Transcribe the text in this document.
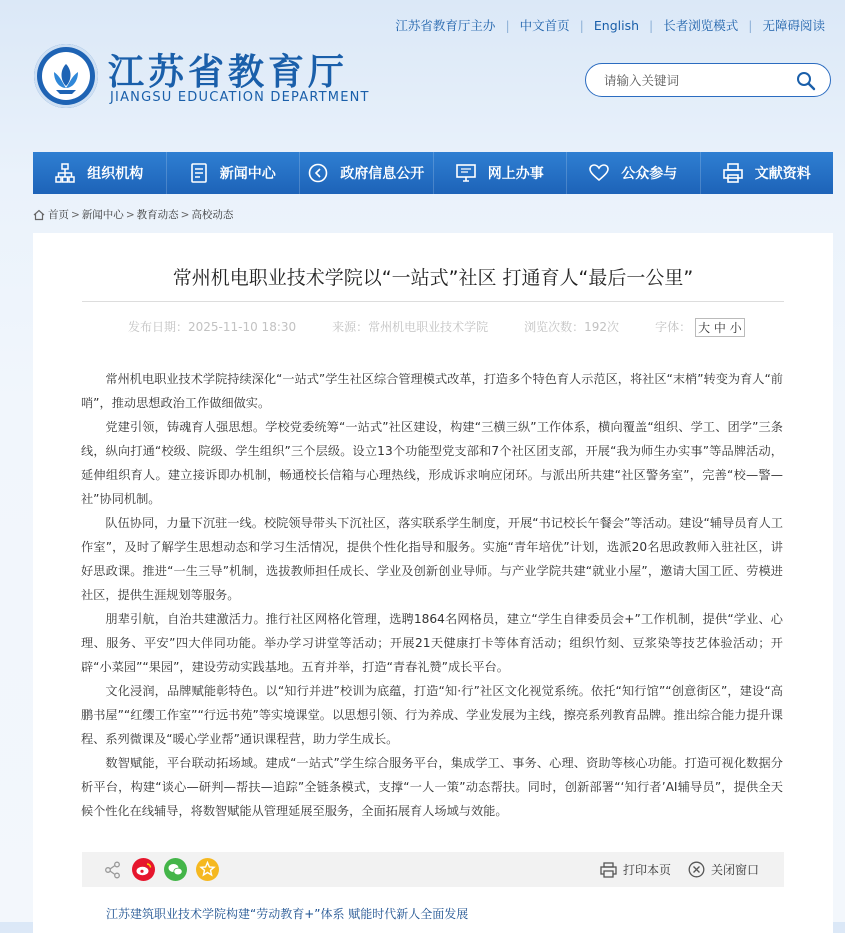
江苏省教育厅主办 | 中文首页 | English | 长者浏览模式 | 无障碍阅读
江苏省教育厅
JIANGSU EDUCATION DEPARTMENT
请输入关键词
组织机构	新闻中心	政府信息公开	网上办事	公众参与	文献资料
首页 > 新闻中心 > 教育动态 > 高校动态
常州机电职业技术学院以“一站式”社区 打通育人“最后一公里”
发布日期：2025-11-10 18:30	来源：常州机电职业技术学院	浏览次数：192次	字体： 大 中 小

常州机电职业技术学院持续深化“一站式”学生社区综合管理模式改革，打造多个特色育人示范区，将社区“末梢”转变为育人“前哨”，推动思想政治工作做细做实。

党建引领，铸魂育人强思想。学校党委统筹“一站式”社区建设，构建“三横三纵”工作体系，横向覆盖“组织、学工、团学”三条线，纵向打通“校级、院级、学生组织”三个层级。设立13个功能型党支部和7个社区团支部，开展“我为师生办实事”等品牌活动，延伸组织育人。建立接诉即办机制，畅通校长信箱与心理热线，形成诉求响应闭环。与派出所共建“社区警务室”，完善“校—警—社”协同机制。

队伍协同，力量下沉驻一线。校院领导带头下沉社区，落实联系学生制度，开展“书记校长午餐会”等活动。建设“辅导员育人工作室”，及时了解学生思想动态和学习生活情况，提供个性化指导和服务。实施“青年培优”计划，选派20名思政教师入驻社区，讲好思政课。推进“一生三导”机制，选拔教师担任成长、学业及创新创业导师。与产业学院共建“就业小屋”，邀请大国工匠、劳模进社区，提供生涯规划等服务。

朋辈引航，自治共建激活力。推行社区网格化管理，选聘1864名网格员，建立“学生自律委员会+”工作机制，提供“学业、心理、服务、平安”四大伴同功能。举办学习讲堂等活动；开展21天健康打卡等体育活动；组织竹刻、豆浆染等技艺体验活动；开辟“小菜园”“果园”，建设劳动实践基地。五育并举，打造“青春礼赞”成长平台。

文化浸润，品牌赋能彰特色。以“知行并进”校训为底蕴，打造“知·行”社区文化视觉系统。依托“知行馆”“创意街区”，建设“高鹏书屋”“红缨工作室”“行远书苑”等实境课堂。以思想引领、行为养成、学业发展为主线，擦亮系列教育品牌。推出综合能力提升课程、系列微课及“暖心学业帮”通识课程营，助力学生成长。

数智赋能，平台联动拓场域。建成“一站式”学生综合服务平台，集成学工、事务、心理、资助等核心功能。打造可视化数据分析平台，构建“谈心—研判—帮扶—追踪”全链条模式，支撑“一人一策”动态帮扶。同时，创新部署“‘知行者’AI辅导员”，提供全天候个性化在线辅导，将数智赋能从管理延展至服务，全面拓展育人场域与效能。

打印本页	关闭窗口
江苏建筑职业技术学院构建“劳动教育+”体系 赋能时代新人全面发展
